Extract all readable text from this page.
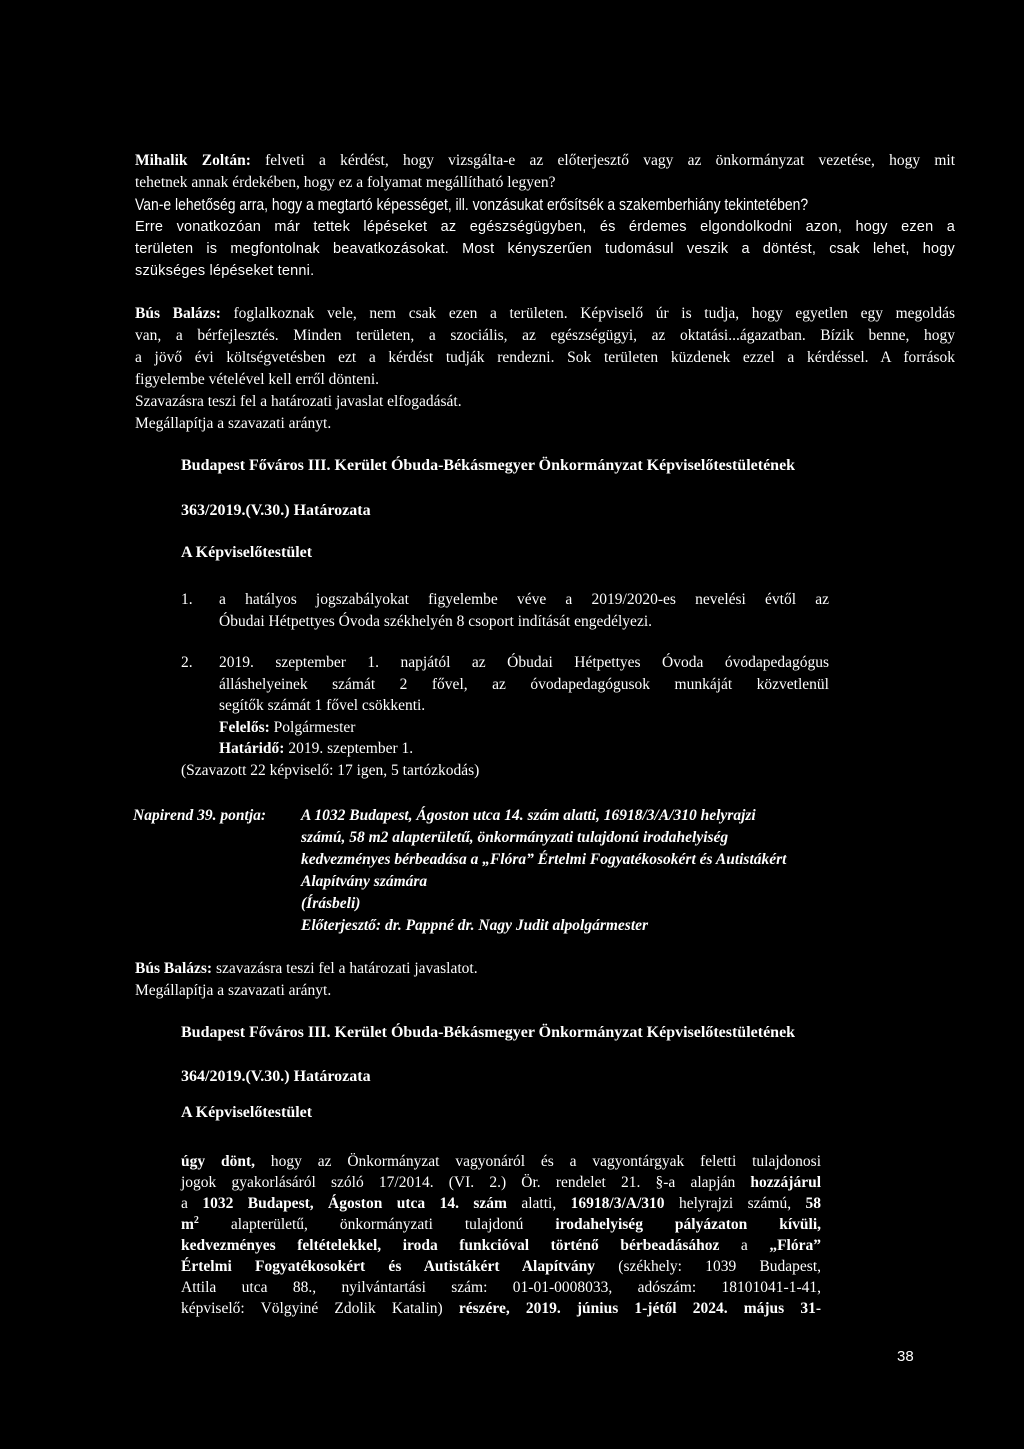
Mihalik Zoltán: felveti a kérdést, hogy vizsgálta-e az előterjesztő vagy az önkormányzat vezetése, hogy mit
tehetnek annak érdekében, hogy ez a folyamat megállítható legyen?
Van-e lehetőség arra, hogy a megtartó képességet, ill. vonzásukat erősítsék a szakemberhiány tekintetében?
Erre vonatkozóan már tettek lépéseket az egészségügyben, és érdemes elgondolkodni azon, hogy ezen a
területen is megfontolnak beavatkozásokat. Most kényszerűen tudomásul veszik a döntést, csak lehet, hogy
szükséges lépéseket tenni.
Bús Balázs: foglalkoznak vele, nem csak ezen a területen. Képviselő úr is tudja, hogy egyetlen egy megoldás
van, a bérfejlesztés. Minden területen, a szociális, az egészségügyi, az oktatási...ágazatban. Bízik benne, hogy
a jövő évi költségvetésben ezt a kérdést tudják rendezni. Sok területen küzdenek ezzel a kérdéssel. A források
figyelembe vételével kell erről dönteni.
Szavazásra teszi fel a határozati javaslat elfogadását.
Megállapítja a szavazati arányt.
Budapest Főváros III. Kerület Óbuda-Békásmegyer Önkormányzat Képviselőtestületének
363/2019.(V.30.) Határozata
A Képviselőtestület
1. a hatályos jogszabályokat figyelembe véve a 2019/2020-es nevelési évtől az
Óbudai Hétpettyes Óvoda székhelyén 8 csoport indítását engedélyezi.
2. 2019. szeptember 1. napjától az Óbudai Hétpettyes Óvoda óvodapedagógus
álláshelyeinek számát 2 fővel, az óvodapedagógusok munkáját közvetlenül
segítők számát 1 fővel csökkenti.
Felelős: Polgármester
Határidő: 2019. szeptember 1.
(Szavazott 22 képviselő: 17 igen, 5 tartózkodás)
Napirend 39. pontja: A 1032 Budapest, Ágoston utca 14. szám alatti, 16918/3/A/310 helyrajzi
számú, 58 m2 alapterületű, önkormányzati tulajdonú irodahelyiség
kedvezményes bérbeadása a „Flóra” Értelmi Fogyatékosokért és Autistákért
Alapítvány számára
(Írásbeli)
Előterjesztő: dr. Pappné dr. Nagy Judit alpolgármester
Bús Balázs: szavazásra teszi fel a határozati javaslatot.
Megállapítja a szavazati arányt.
Budapest Főváros III. Kerület Óbuda-Békásmegyer Önkormányzat Képviselőtestületének
364/2019.(V.30.) Határozata
A Képviselőtestület
úgy dönt, hogy az Önkormányzat vagyonáról és a vagyontárgyak feletti tulajdonosi
jogok gyakorlásáról szóló 17/2014. (VI. 2.) Ör. rendelet 21. §-a alapján hozzájárul
a 1032 Budapest, Ágoston utca 14. szám alatti, 16918/3/A/310 helyrajzi számú, 58
$m^2$ alapterületű, önkormányzati tulajdonú irodahelyiség pályázaton kívüli,
kedvezményes feltételekkel, iroda funkcióval történő bérbeadásához a „Flóra”
Értelmi Fogyatékosokért és Autistákért Alapítvány (székhely: 1039 Budapest,
Attila utca 88., nyilvántartási szám: 01-01-0008033, adószám: 18101041-1-41,
képviselő: Völgyiné Zdolik Katalin) részére, 2019. június 1-jétől 2024. május 31-
38
